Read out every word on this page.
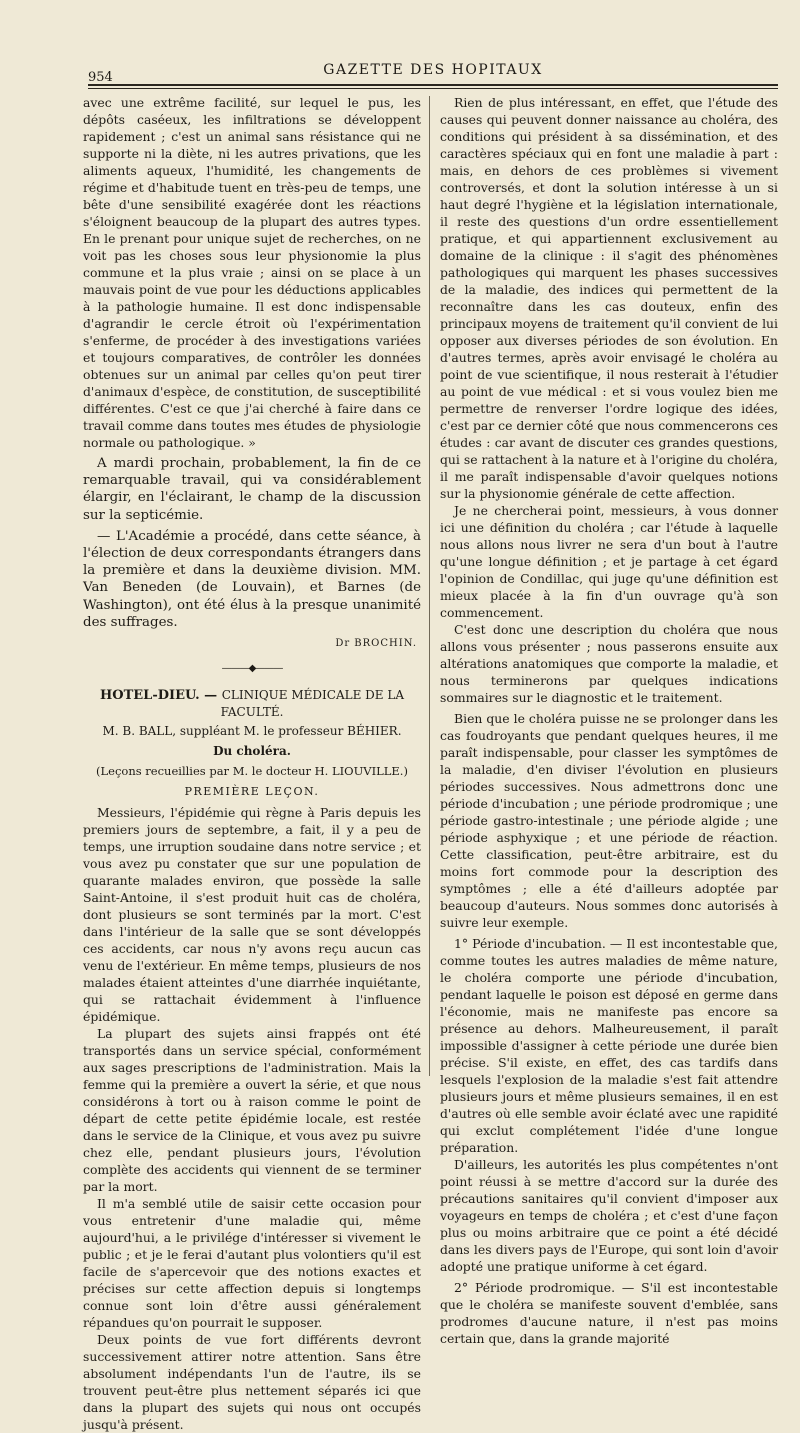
954	GAZETTE DES HOPITAUX

avec une extrême facilité, sur lequel le pus, les dépôts caséeux, les infiltrations se développent rapidement ; c'est un animal sans résistance qui ne supporte ni la diète, ni les autres privations, que les aliments aqueux, l'humidité, les changements de régime et d'habitude tuent en très-peu de temps, une bête d'une sensibilité exagérée dont les réactions s'éloignent beaucoup de la plupart des autres types. En le prenant pour unique sujet de recherches, on ne voit pas les choses sous leur physionomie la plus commune et la plus vraie ; ainsi on se place à un mauvais point de vue pour les déductions applicables à la pathologie humaine. Il est donc indispensable d'agrandir le cercle étroit où l'expérimentation s'enferme, de procéder à des investigations variées et toujours comparatives, de contrôler les données obtenues sur un animal par celles qu'on peut tirer d'animaux d'espèce, de constitution, de susceptibilité différentes. C'est ce que j'ai cherché à faire dans ce travail comme dans toutes mes études de physiologie normale ou pathologique. »

A mardi prochain, probablement, la fin de ce remarquable travail, qui va considérablement élargir, en l'éclairant, le champ de la discussion sur la septicémie.

— L'Académie a procédé, dans cette séance, à l'élection de deux correspondants étrangers dans la première et dans la deuxième division. MM. Van Beneden (de Louvain), et Barnes (de Washington), ont été élus à la presque unanimité des suffrages.

Dr BROCHIN.
———◆———
HOTEL-DIEU. — CLINIQUE MÉDICALE DE LA FACULTÉ.
M. B. BALL, suppléant M. le professeur BÉHIER.
Du choléra.
(Leçons recueillies par M. le docteur H. LIOUVILLE.)
PREMIÈRE LEÇON.

Messieurs, l'épidémie qui règne à Paris depuis les premiers jours de septembre, a fait, il y a peu de temps, une irruption soudaine dans notre service ; et vous avez pu constater que sur une population de quarante malades environ, que possède la salle Saint-Antoine, il s'est produit huit cas de choléra, dont plusieurs se sont terminés par la mort. C'est dans l'intérieur de la salle que se sont développés ces accidents, car nous n'y avons reçu aucun cas venu de l'extérieur. En même temps, plusieurs de nos malades étaient atteintes d'une diarrhée inquiétante, qui se rattachait évidemment à l'influence épidémique.

La plupart des sujets ainsi frappés ont été transportés dans un service spécial, conformément aux sages prescriptions de l'administration. Mais la femme qui la première a ouvert la série, et que nous considérons à tort ou à raison comme le point de départ de cette petite épidémie locale, est restée dans le service de la Clinique, et vous avez pu suivre chez elle, pendant plusieurs jours, l'évolution complète des accidents qui viennent de se terminer par la mort.

Il m'a semblé utile de saisir cette occasion pour vous entretenir d'une maladie qui, même aujourd'hui, a le privilége d'intéresser si vivement le public ; et je le ferai d'autant plus volontiers qu'il est facile de s'apercevoir que des notions exactes et précises sur cette affection depuis si longtemps connue sont loin d'être aussi généralement répandues qu'on pourrait le supposer.

Deux points de vue fort différents devront successivement attirer notre attention. Sans être absolument indépendants l'un de l'autre, ils se trouvent peut-être plus nettement séparés ici que dans la plupart des sujets qui nous ont occupés jusqu'à présent.

Rien de plus intéressant, en effet, que l'étude des causes qui peuvent donner naissance au choléra, des conditions qui président à sa dissémination, et des caractères spéciaux qui en font une maladie à part : mais, en dehors de ces problèmes si vivement controversés, et dont la solution intéresse à un si haut degré l'hygiène et la législation internationale, il reste des questions d'un ordre essentiellement pratique, et qui appartiennent exclusivement au domaine de la clinique : il s'agit des phénomènes pathologiques qui marquent les phases successives de la maladie, des indices qui permettent de la reconnaître dans les cas douteux, enfin des principaux moyens de traitement qu'il convient de lui opposer aux diverses périodes de son évolution. En d'autres termes, après avoir envisagé le choléra au point de vue scientifique, il nous resterait à l'étudier au point de vue médical : et si vous voulez bien me permettre de renverser l'ordre logique des idées, c'est par ce dernier côté que nous commencerons ces études : car avant de discuter ces grandes questions, qui se rattachent à la nature et à l'origine du choléra, il me paraît indispensable d'avoir quelques notions sur la physionomie générale de cette affection.

Je ne chercherai point, messieurs, à vous donner ici une définition du choléra ; car l'étude à laquelle nous allons nous livrer ne sera d'un bout à l'autre qu'une longue définition ; et je partage à cet égard l'opinion de Condillac, qui juge qu'une définition est mieux placée à la fin d'un ouvrage qu'à son commencement.

C'est donc une description du choléra que nous allons vous présenter ; nous passerons ensuite aux altérations anatomiques que comporte la maladie, et nous terminerons par quelques indications sommaires sur le diagnostic et le traitement.

Bien que le choléra puisse ne se prolonger dans les cas foudroyants que pendant quelques heures, il me paraît indispensable, pour classer les symptômes de la maladie, d'en diviser l'évolution en plusieurs périodes successives. Nous admettrons donc une période d'incubation ; une période prodromique ; une période gastro-intestinale ; une période algide ; une période asphyxique ; et une période de réaction. Cette classification, peut-être arbitraire, est du moins fort commode pour la description des symptômes ; elle a été d'ailleurs adoptée par beaucoup d'auteurs. Nous sommes donc autorisés à suivre leur exemple.

1° Période d'incubation. — Il est incontestable que, comme toutes les autres maladies de même nature, le choléra comporte une période d'incubation, pendant laquelle le poison est déposé en germe dans l'économie, mais ne manifeste pas encore sa présence au dehors. Malheureusement, il paraît impossible d'assigner à cette période une durée bien précise. S'il existe, en effet, des cas tardifs dans lesquels l'explosion de la maladie s'est fait attendre plusieurs jours et même plusieurs semaines, il en est d'autres où elle semble avoir éclaté avec une rapidité qui exclut complétement l'idée d'une longue préparation.

D'ailleurs, les autorités les plus compétentes n'ont point réussi à se mettre d'accord sur la durée des précautions sanitaires qu'il convient d'imposer aux voyageurs en temps de choléra ; et c'est d'une façon plus ou moins arbitraire que ce point a été décidé dans les divers pays de l'Europe, qui sont loin d'avoir adopté une pratique uniforme à cet égard.

2° Période prodromique. — S'il est incontestable que le choléra se manifeste souvent d'emblée, sans prodromes d'aucune nature, il n'est pas moins certain que, dans la grande majorité
